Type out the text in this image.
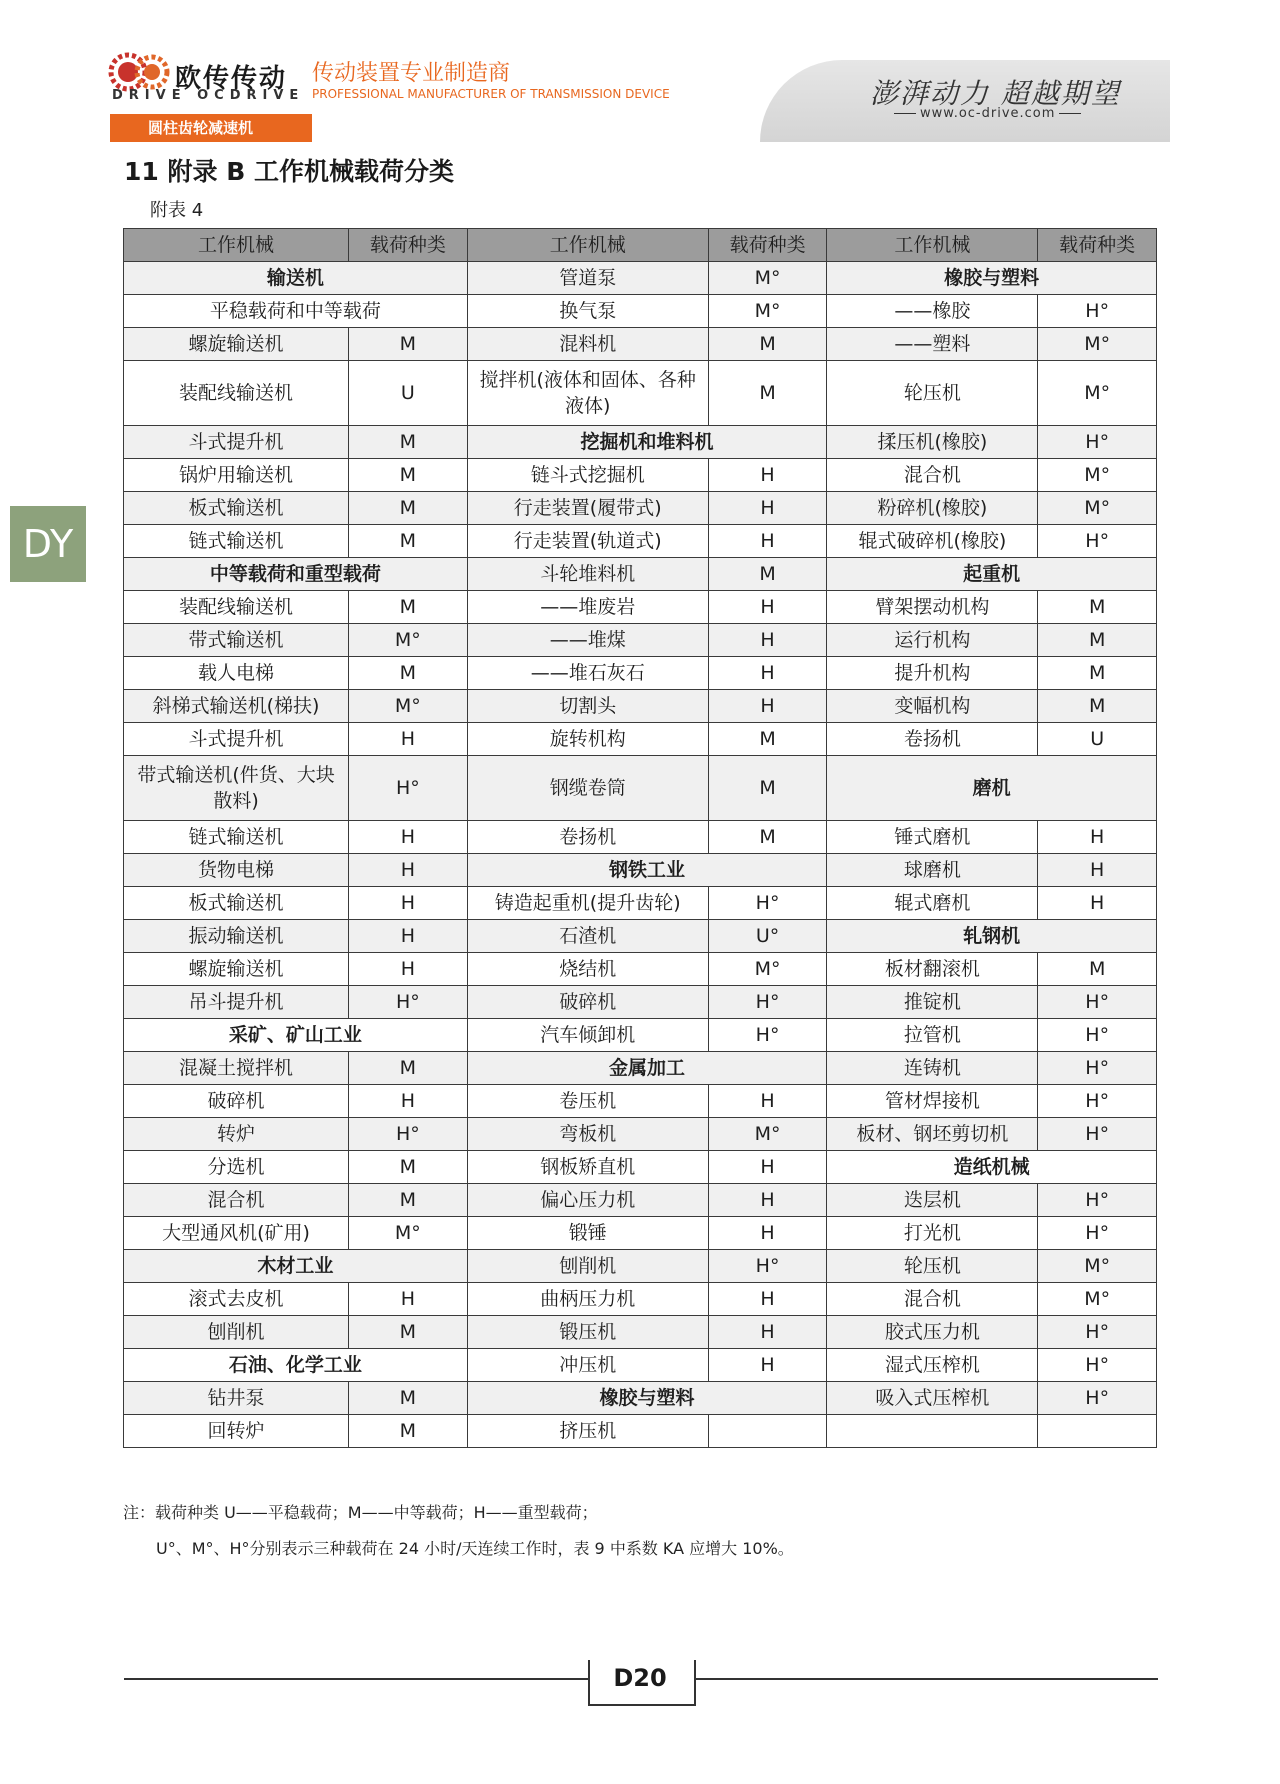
欧传传动
DRIVE OCDRIVE
传动装置专业制造商
PROFESSIONAL MANUFACTURER OF TRANSMISSION DEVICE	澎湃动力 超越期望
www.oc-drive.com
圆柱齿轮减速机
DY
11 附录 B 工作机械载荷分类
附表 4
工作机械	载荷种类	工作机械	载荷种类	工作机械	载荷种类
输送机		管道泵	M°	橡胶与塑料	
平稳载荷和中等载荷		换气泵	M°	——橡胶	H°
螺旋输送机	M	混料机	M	——塑料	M°
装配线输送机	U	搅拌机(液体和固体、各种液体)	M	轮压机	M°
斗式提升机	M	挖掘机和堆料机		揉压机(橡胶)	H°
锅炉用输送机	M	链斗式挖掘机	H	混合机	M°
板式输送机	M	行走装置(履带式)	H	粉碎机(橡胶)	M°
链式输送机	M	行走装置(轨道式)	H	辊式破碎机(橡胶)	H°
中等载荷和重型载荷		斗轮堆料机	M	起重机	
装配线输送机	M	——堆废岩	H	臂架摆动机构	M
带式输送机	M°	——堆煤	H	运行机构	M
载人电梯	M	——堆石灰石	H	提升机构	M
斜梯式输送机(梯扶)	M°	切割头	H	变幅机构	M
斗式提升机	H	旋转机构	M	卷扬机	U
带式输送机(件货、大块散料)	H°	钢缆卷筒	M	磨机	
链式输送机	H	卷扬机	M	锤式磨机	H
货物电梯	H	钢铁工业		球磨机	H
板式输送机	H	铸造起重机(提升齿轮)	H°	辊式磨机	H
振动输送机	H	石渣机	U°	轧钢机	
螺旋输送机	H	烧结机	M°	板材翻滚机	M
吊斗提升机	H°	破碎机	H°	推锭机	H°
采矿、矿山工业		汽车倾卸机	H°	拉管机	H°
混凝土搅拌机	M	金属加工		连铸机	H°
破碎机	H	卷压机	H	管材焊接机	H°
转炉	H°	弯板机	M°	板材、钢坯剪切机	H°
分选机	M	钢板矫直机	H	造纸机械	
混合机	M	偏心压力机	H	迭层机	H°
大型通风机(矿用)	M°	锻锤	H	打光机	H°
木材工业		刨削机	H°	轮压机	M°
滚式去皮机	H	曲柄压力机	H	混合机	M°
刨削机	M	锻压机	H	胶式压力机	H°
石油、化学工业		冲压机	H	湿式压榨机	H°
钻井泵	M	橡胶与塑料		吸入式压榨机	H°
回转炉	M	挤压机			
注：载荷种类 U——平稳载荷；M——中等载荷；H——重型载荷；
U°、M°、H°分别表示三种载荷在 24 小时/天连续工作时，表 9 中系数 KA 应增大 10%。
D20
